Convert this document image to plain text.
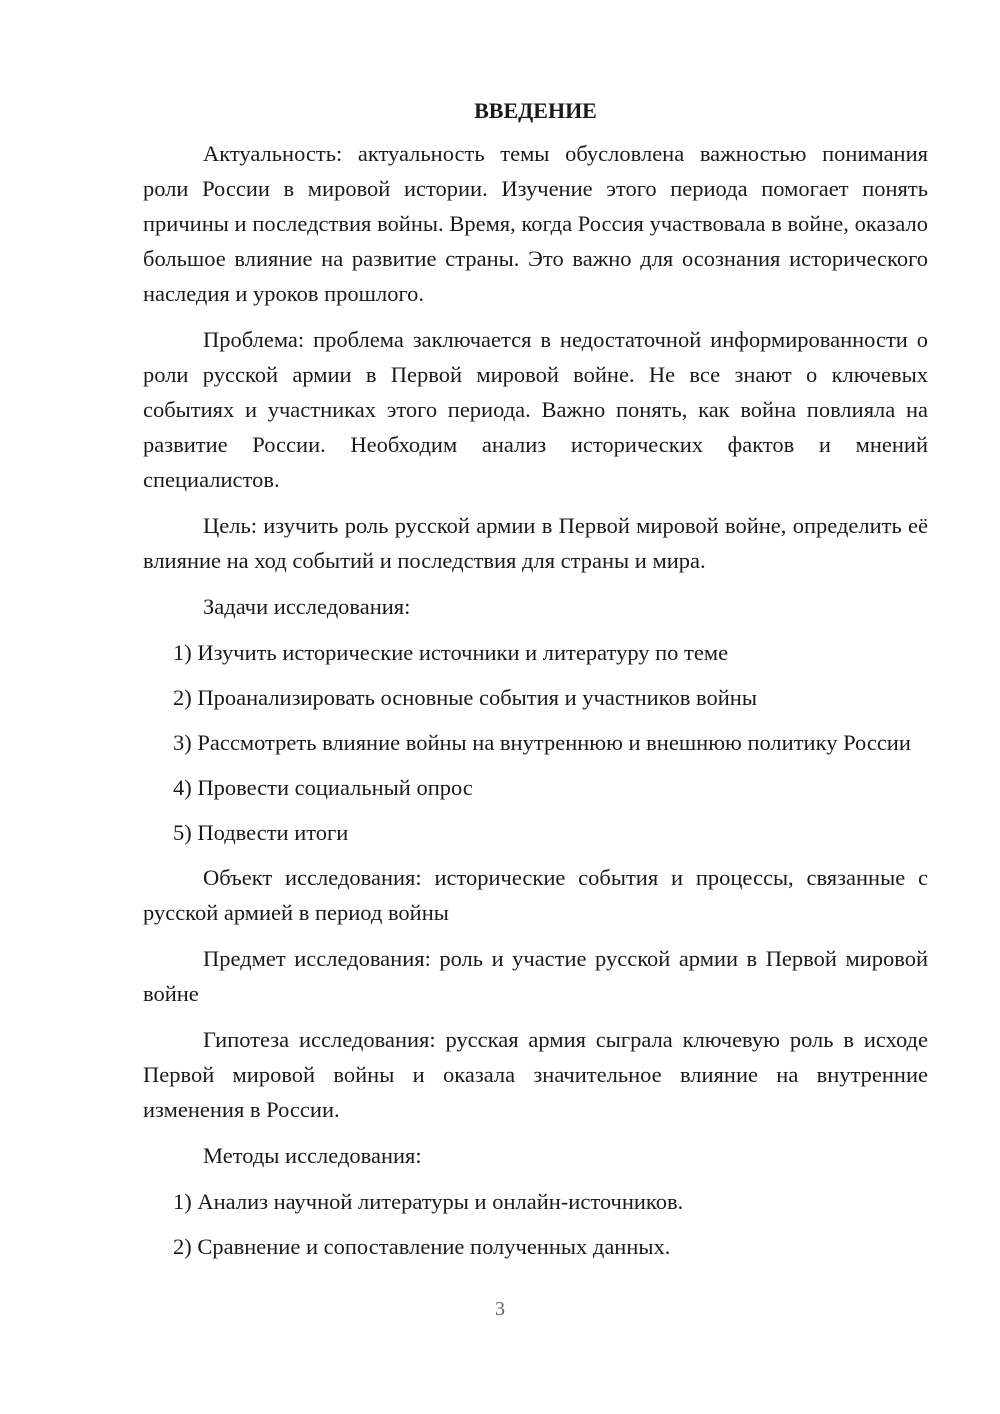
ВВЕДЕНИЕ

Актуальность: актуальность темы обусловлена важностью понимания роли России в мировой истории. Изучение этого периода помогает понять причины и последствия войны. Время, когда Россия участвовала в войне, оказало большое влияние на развитие страны. Это важно для осознания исторического наследия и уроков прошлого.

Проблема: проблема заключается в недостаточной информированности о роли русской армии в Первой мировой войне. Не все знают о ключевых событиях и участниках этого периода. Важно понять, как война повлияла на развитие России. Необходим анализ исторических фактов и мнений специалистов.

Цель: изучить роль русской армии в Первой мировой войне, определить её влияние на ход событий и последствия для страны и мира.

Задачи исследования:

1) Изучить исторические источники и литературу по теме

2) Проанализировать основные события и участников войны

3) Рассмотреть влияние войны на внутреннюю и внешнюю политику России

4) Провести социальный опрос

5) Подвести итоги

Объект исследования: исторические события и процессы, связанные с русской армией в период войны

Предмет исследования: роль и участие русской армии в Первой мировой войне

Гипотеза исследования: русская армия сыграла ключевую роль в исходе Первой мировой войны и оказала значительное влияние на внутренние изменения в России.

Методы исследования:

1) Анализ научной литературы и онлайн-источников.

2) Сравнение и сопоставление полученных данных.

3
